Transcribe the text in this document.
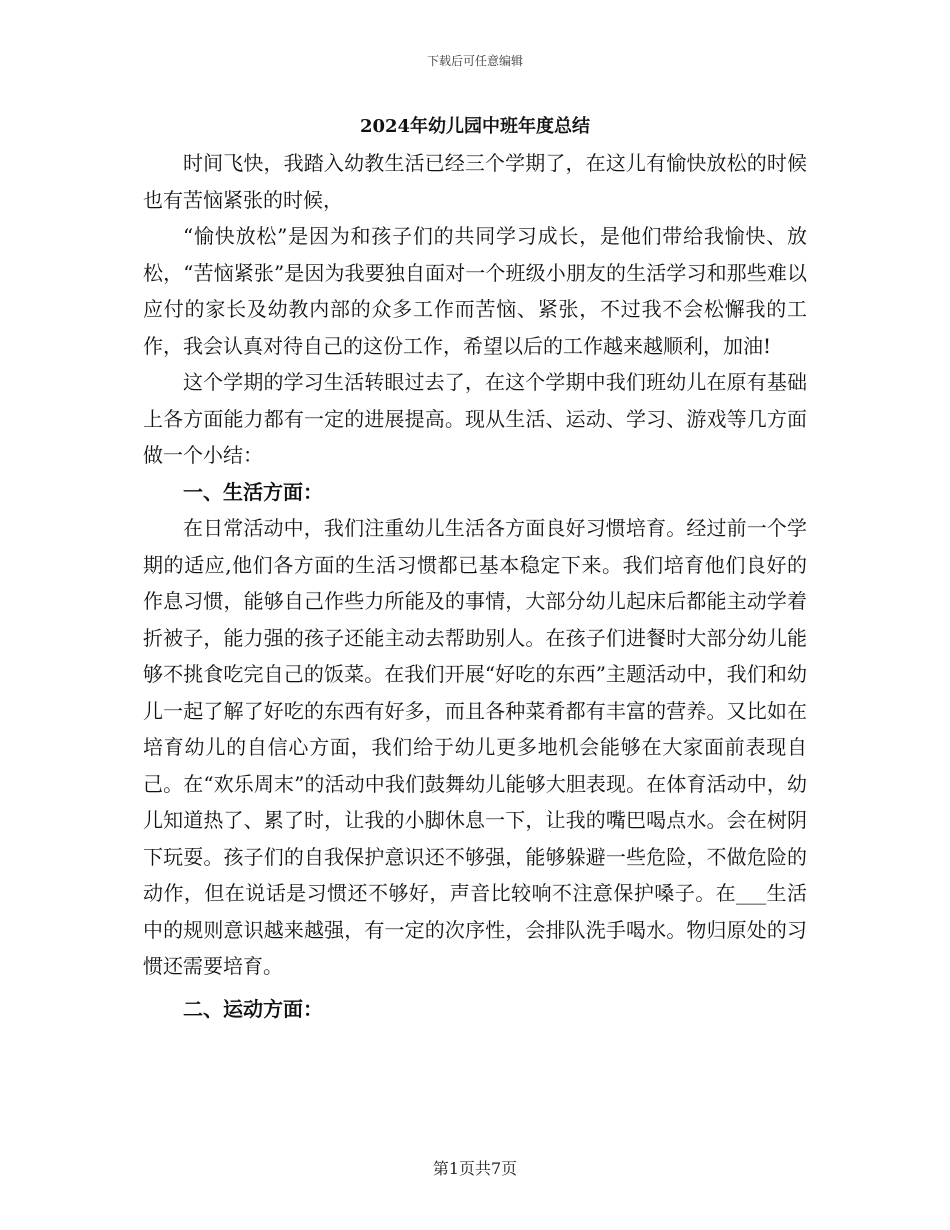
下载后可任意编辑
2024年幼儿园中班年度总结

时间飞快，我踏入幼教生活已经三个学期了，在这儿有愉快放松的时候也有苦恼紧张的时候，

“愉快放松”是因为和孩子们的共同学习成长，是他们带给我愉快、放松，“苦恼紧张”是因为我要独自面对一个班级小朋友的生活学习和那些难以应付的家长及幼教内部的众多工作而苦恼、紧张，不过我不会松懈我的工作，我会认真对待自己的这份工作，希望以后的工作越来越顺利，加油!

这个学期的学习生活转眼过去了，在这个学期中我们班幼儿在原有基础上各方面能力都有一定的进展提高。现从生活、运动、学习、游戏等几方面做一个小结：

一、生活方面：

在日常活动中，我们注重幼儿生活各方面良好习惯培育。经过前一个学期的适应,他们各方面的生活习惯都已基本稳定下来。我们培育他们良好的作息习惯，能够自己作些力所能及的事情，大部分幼儿起床后都能主动学着折被子，能力强的孩子还能主动去帮助别人。在孩子们进餐时大部分幼儿能够不挑食吃完自己的饭菜。在我们开展“好吃的东西”主题活动中，我们和幼儿一起了解了好吃的东西有好多，而且各种菜肴都有丰富的营养。又比如在培育幼儿的自信心方面，我们给于幼儿更多地机会能够在大家面前表现自己。在“欢乐周末”的活动中我们鼓舞幼儿能够大胆表现。在体育活动中，幼儿知道热了、累了时，让我的小脚休息一下，让我的嘴巴喝点水。会在树阴下玩耍。孩子们的自我保护意识还不够强，能够躲避一些危险，不做危险的动作，但在说话是习惯还不够好，声音比较响不注意保护嗓子。在___生活中的规则意识越来越强，有一定的次序性，会排队洗手喝水。物归原处的习惯还需要培育。

二、运动方面：

第1页共7页
